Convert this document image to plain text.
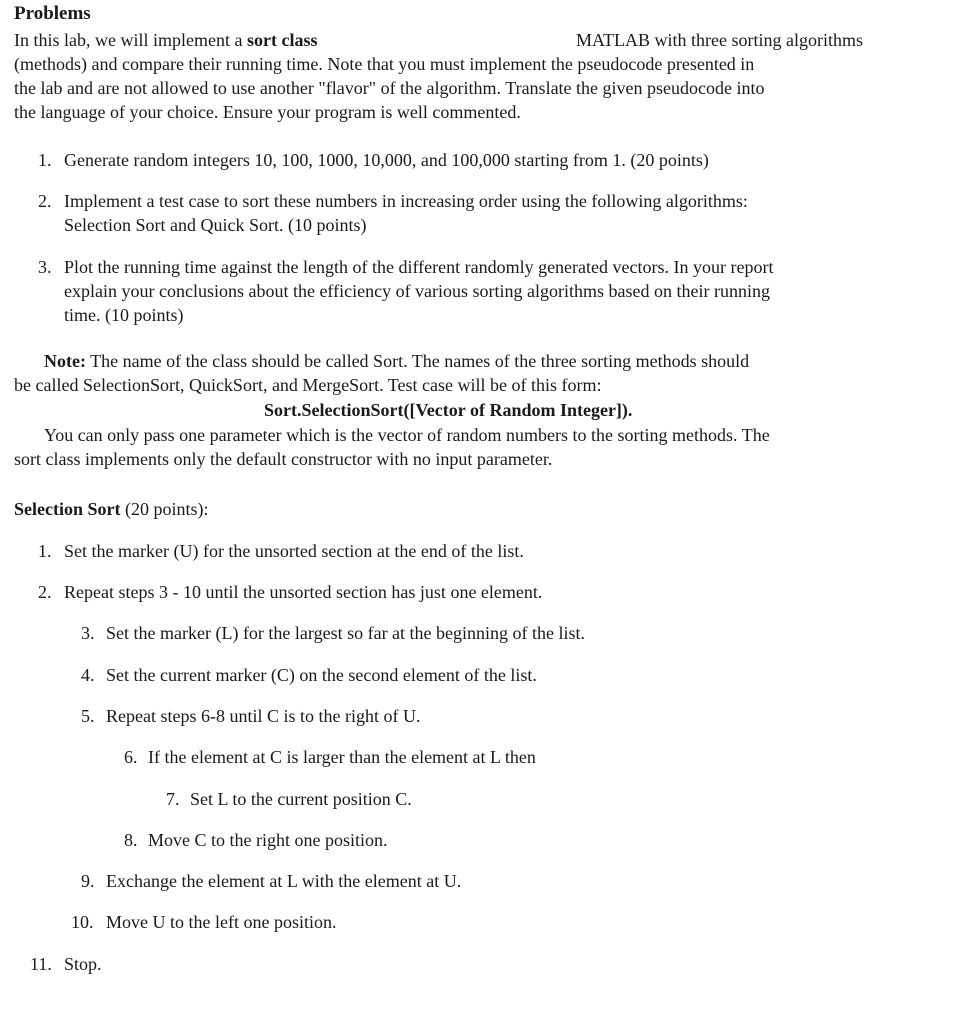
Problems
In this lab, we will implement a sort class	MATLAB with three sorting algorithms
(methods) and compare their running time. Note that you must implement the pseudocode presented in
the lab and are not allowed to use another "flavor" of the algorithm. Translate the given pseudocode into
the language of your choice. Ensure your program is well commented.
1. Generate random integers 10, 100, 1000, 10,000, and 100,000 starting from 1. (20 points)
2. Implement a test case to sort these numbers in increasing order using the following algorithms:
Selection Sort and Quick Sort. (10 points)
3. Plot the running time against the length of the different randomly generated vectors. In your report
explain your conclusions about the efficiency of various sorting algorithms based on their running
time. (10 points)
Note: The name of the class should be called Sort. The names of the three sorting methods should
be called SelectionSort, QuickSort, and MergeSort. Test case will be of this form:
Sort.SelectionSort([Vector of Random Integer]).
You can only pass one parameter which is the vector of random numbers to the sorting methods. The
sort class implements only the default constructor with no input parameter.
Selection Sort (20 points):
1. Set the marker (U) for the unsorted section at the end of the list.
2. Repeat steps 3 - 10 until the unsorted section has just one element.
3. Set the marker (L) for the largest so far at the beginning of the list.
4. Set the current marker (C) on the second element of the list.
5. Repeat steps 6-8 until C is to the right of U.
6. If the element at C is larger than the element at L then
7. Set L to the current position C.
8. Move C to the right one position.
9. Exchange the element at L with the element at U.
10. Move U to the left one position.
11. Stop.
